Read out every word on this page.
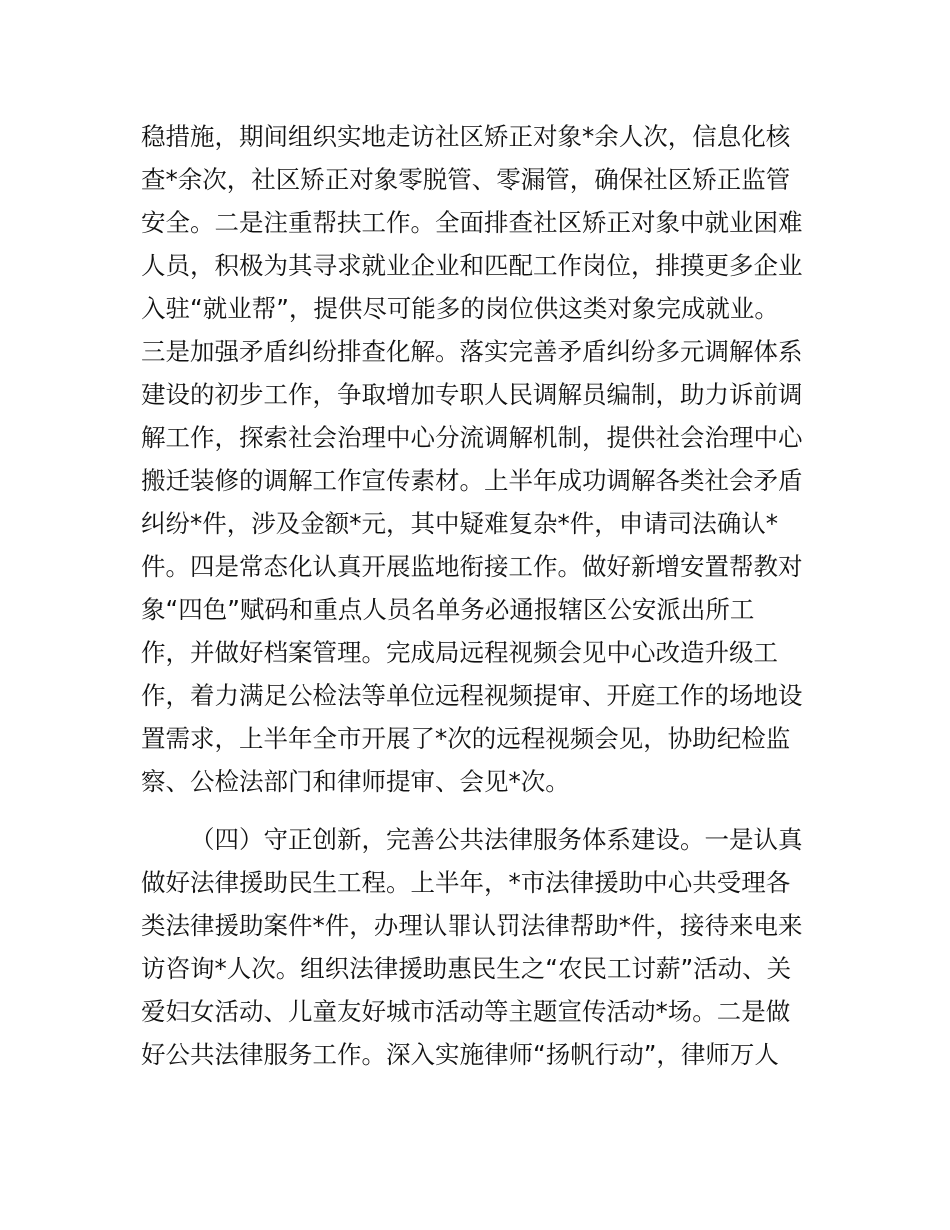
稳措施，期间组织实地走访社区矫正对象*余人次，信息化核
查*余次，社区矫正对象零脱管、零漏管，确保社区矫正监管
安全。二是注重帮扶工作。全面排查社区矫正对象中就业困难
人员，积极为其寻求就业企业和匹配工作岗位，排摸更多企业
入驻“就业帮”，提供尽可能多的岗位供这类对象完成就业。
三是加强矛盾纠纷排查化解。落实完善矛盾纠纷多元调解体系
建设的初步工作，争取增加专职人民调解员编制，助力诉前调
解工作，探索社会治理中心分流调解机制，提供社会治理中心
搬迁装修的调解工作宣传素材。上半年成功调解各类社会矛盾
纠纷*件，涉及金额*元，其中疑难复杂*件，申请司法确认*
件。四是常态化认真开展监地衔接工作。做好新增安置帮教对
象“四色”赋码和重点人员名单务必通报辖区公安派出所工
作，并做好档案管理。完成局远程视频会见中心改造升级工
作，着力满足公检法等单位远程视频提审、开庭工作的场地设
置需求，上半年全市开展了*次的远程视频会见，协助纪检监
察、公检法部门和律师提审、会见*次。
（四）守正创新，完善公共法律服务体系建设。一是认真
做好法律援助民生工程。上半年，*市法律援助中心共受理各
类法律援助案件*件，办理认罪认罚法律帮助*件，接待来电来
访咨询*人次。组织法律援助惠民生之“农民工讨薪”活动、关
爱妇女活动、儿童友好城市活动等主题宣传活动*场。二是做
好公共法律服务工作。深入实施律师“扬帆行动”，律师万人
